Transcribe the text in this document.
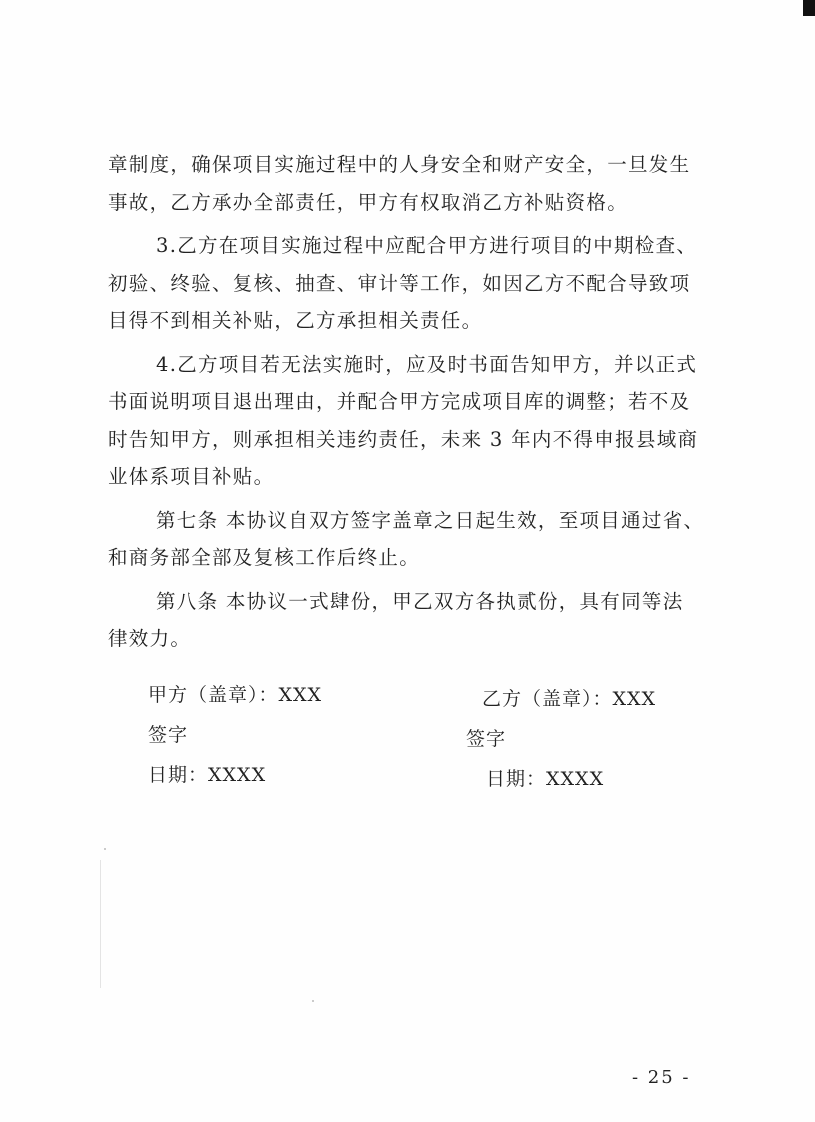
章制度，确保项目实施过程中的人身安全和财产安全，一旦发生
事故，乙方承办全部责任，甲方有权取消乙方补贴资格。
3.乙方在项目实施过程中应配合甲方进行项目的中期检查、
初验、终验、复核、抽查、审计等工作，如因乙方不配合导致项
目得不到相关补贴，乙方承担相关责任。
4.乙方项目若无法实施时，应及时书面告知甲方，并以正式
书面说明项目退出理由，并配合甲方完成项目库的调整；若不及
时告知甲方，则承担相关违约责任，未来 3 年内不得申报县域商
业体系项目补贴。
第七条 本协议自双方签字盖章之日起生效，至项目通过省、
和商务部全部及复核工作后终止。
第八条 本协议一式肆份，甲乙双方各执贰份，具有同等法
律效力。
甲方（盖章）：XXX
签字
日期：XXXX
乙方（盖章）：XXX
签字
日期：XXXX
- 25 -
